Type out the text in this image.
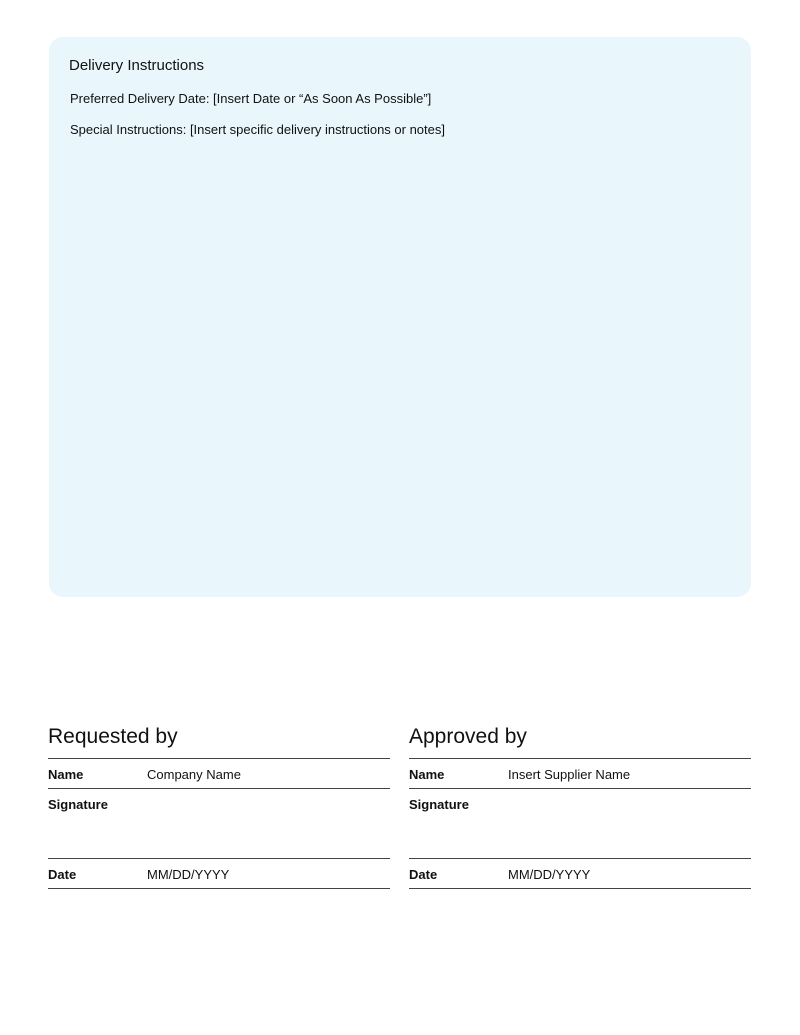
Delivery Instructions
Preferred Delivery Date: [Insert Date or “As Soon As Possible”]
Special Instructions: [Insert specific delivery instructions or notes]
Requested by
Name	Company Name
Signature
Date	MM/DD/YYYY
Approved by
Name	Insert Supplier Name
Signature
Date	MM/DD/YYYY
